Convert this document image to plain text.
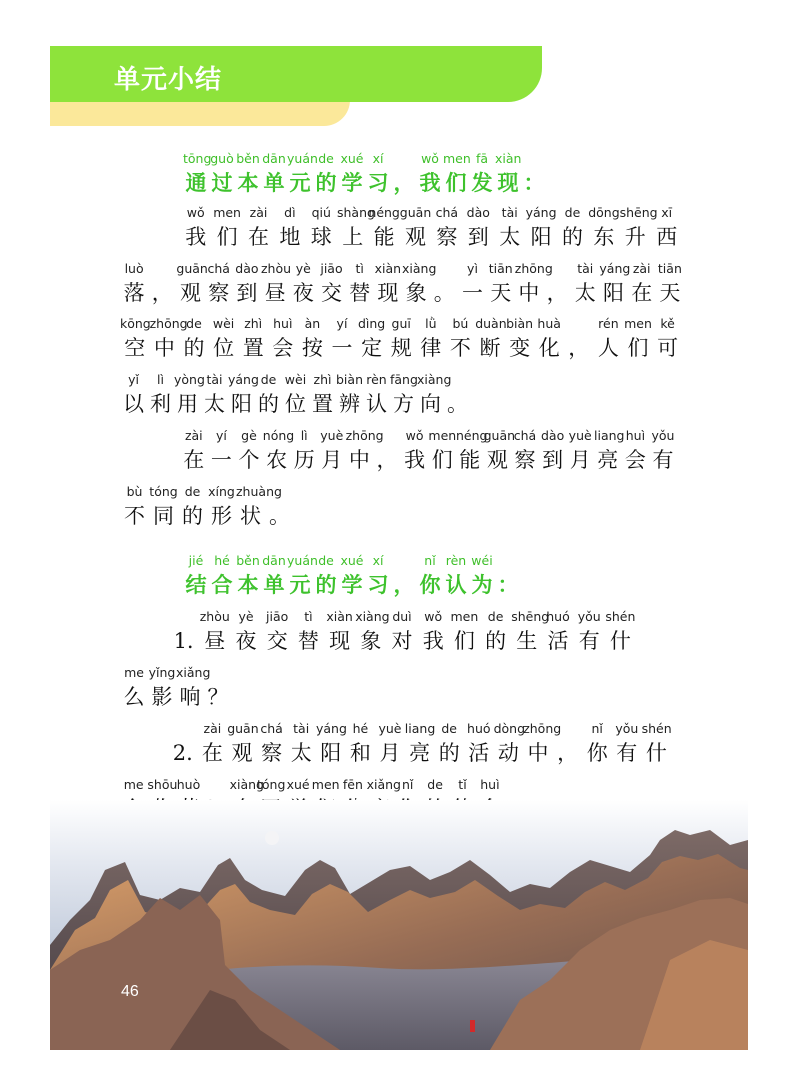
单元小结
tōng
通
guò
过
běn
本
dān
单
yuán
元
de
的
xué
学
xí
习 ，
wǒ
我
men
们
fā
发
xiàn
现 ：
wǒ
我
men
们
zài
在
dì
地
qiú
球
shàng
上
néng
能
guān
观
chá
察
dào
到
tài
太
yáng
阳
de
的
dōng
东
shēng
升
xī
西
luò
落 ，
guān
观
chá
察
dào
到
zhòu
昼
yè
夜
jiāo
交
tì
替
xiàn
现
xiàng
象 。
yì
一
tiān
天
zhōng
中 ，
tài
太
yáng
阳
zài
在
tiān
天
kōng
空
zhōng
中
de
的
wèi
位
zhì
置
huì
会
àn
按
yí
一
dìng
定
guī
规
lǜ
律
bú
不
duàn
断
biàn
变
huà
化 ，
rén
人
men
们
kě
可
yǐ
以
lì
利
yòng
用
tài
太
yáng
阳
de
的
wèi
位
zhì
置
biàn
辨
rèn
认
fāng
方
xiàng
向 。
zài
在
yí
一
gè
个
nóng
农
lì
历
yuè
月
zhōng
中 ，
wǒ
我
men
们
néng
能
guān
观
chá
察
dào
到
yuè
月
liang
亮
huì
会
yǒu
有
bù
不
tóng
同
de
的
xíng
形
zhuàng
状 。
jié
结
hé
合
běn
本
dān
单
yuán
元
de
的
xué
学
xí
习 ，
nǐ
你
rèn
认
wéi
为 ：
1.
zhòu
昼
yè
夜
jiāo
交
tì
替
xiàn
现
xiàng
象
duì
对
wǒ
我
men
们
de
的
shēng
生
huó
活
yǒu
有
shén
什
me
么
yǐng
影
xiǎng
响 ？
2.
zài
在
guān
观
chá
察
tài
太
yáng
阳
hé
和
yuè
月
liang
亮
de
的
huó
活
dòng
动
zhōng
中 ，
nǐ
你
yǒu
有
shén
什
me shōu huò xiàng
tóng xué men fēn xiǎng nǐ	de	tǐ	huì
46
